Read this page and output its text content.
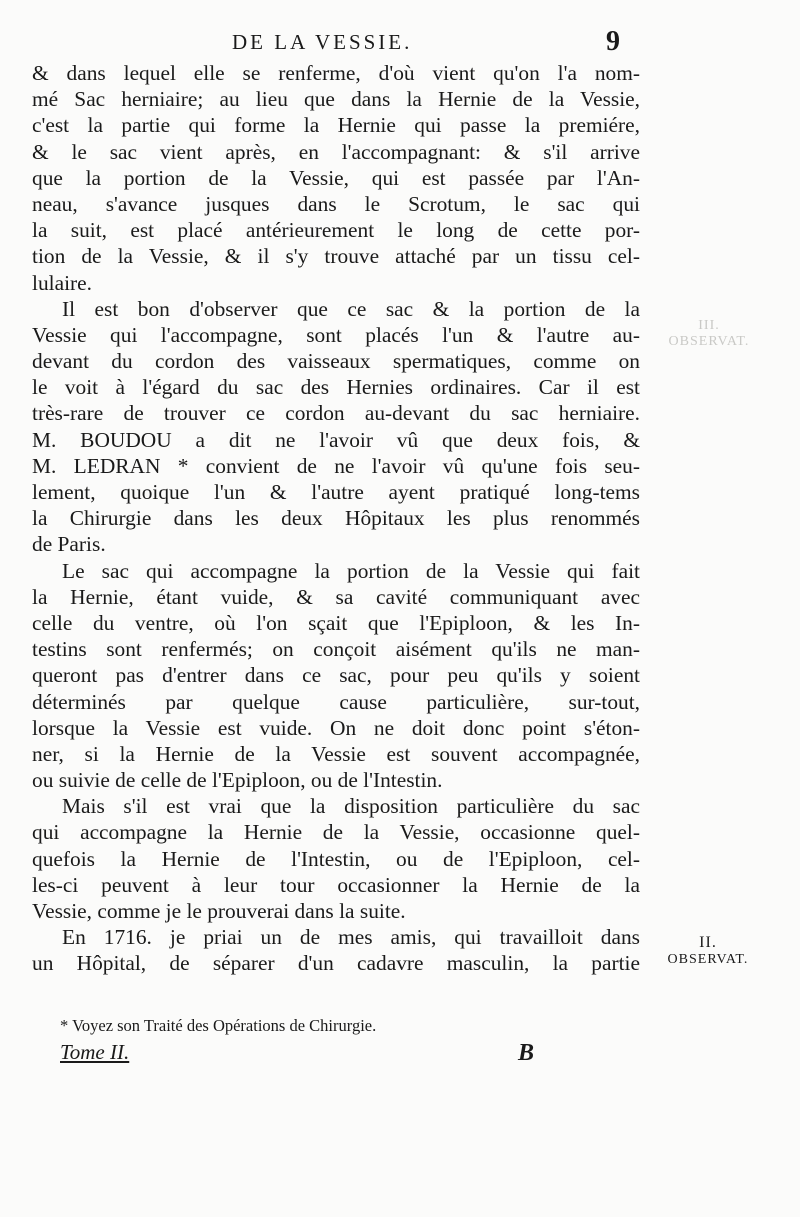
DE LA VESSIE.	9
& dans lequel elle se renferme, d'où vient qu'on l'a nom-
mé Sac herniaire; au lieu que dans la Hernie de la Vessie,
c'est la partie qui forme la Hernie qui passe la premiére,
& le sac vient après, en l'accompagnant: & s'il arrive
que la portion de la Vessie, qui est passée par l'An-
neau, s'avance jusques dans le Scrotum, le sac qui
la suit, est placé antérieurement le long de cette por-
tion de la Vessie, & il s'y trouve attaché par un tissu cel-
lulaire.
Il est bon d'observer que ce sac & la portion de la
Vessie qui l'accompagne, sont placés l'un & l'autre au-
devant du cordon des vaisseaux spermatiques, comme on
le voit à l'égard du sac des Hernies ordinaires. Car il est
très-rare de trouver ce cordon au-devant du sac herniaire.
M. BOUDOU a dit ne l'avoir vû que deux fois, &
M. LEDRAN * convient de ne l'avoir vû qu'une fois seu-
lement, quoique l'un & l'autre ayent pratiqué long-tems
la Chirurgie dans les deux Hôpitaux les plus renommés
de Paris.
Le sac qui accompagne la portion de la Vessie qui fait
la Hernie, étant vuide, & sa cavité communiquant avec
celle du ventre, où l'on sçait que l'Epiploon, & les In-
testins sont renfermés; on conçoit aisément qu'ils ne man-
queront pas d'entrer dans ce sac, pour peu qu'ils y soient
déterminés par quelque cause particulière, sur-tout,
lorsque la Vessie est vuide. On ne doit donc point s'éton-
ner, si la Hernie de la Vessie est souvent accompagnée,
ou suivie de celle de l'Epiploon, ou de l'Intestin.
Mais s'il est vrai que la disposition particulière du sac
qui accompagne la Hernie de la Vessie, occasionne quel-
quefois la Hernie de l'Intestin, ou de l'Epiploon, cel-
les-ci peuvent à leur tour occasionner la Hernie de la
Vessie, comme je le prouverai dans la suite.
En 1716. je priai un de mes amis, qui travailloit dans
un Hôpital, de séparer d'un cadavre masculin, la partie
III.
OBSERVAT.
II.
OBSERVAT.
* Voyez son Traité des Opérations de Chirurgie.
Tome II.	B
